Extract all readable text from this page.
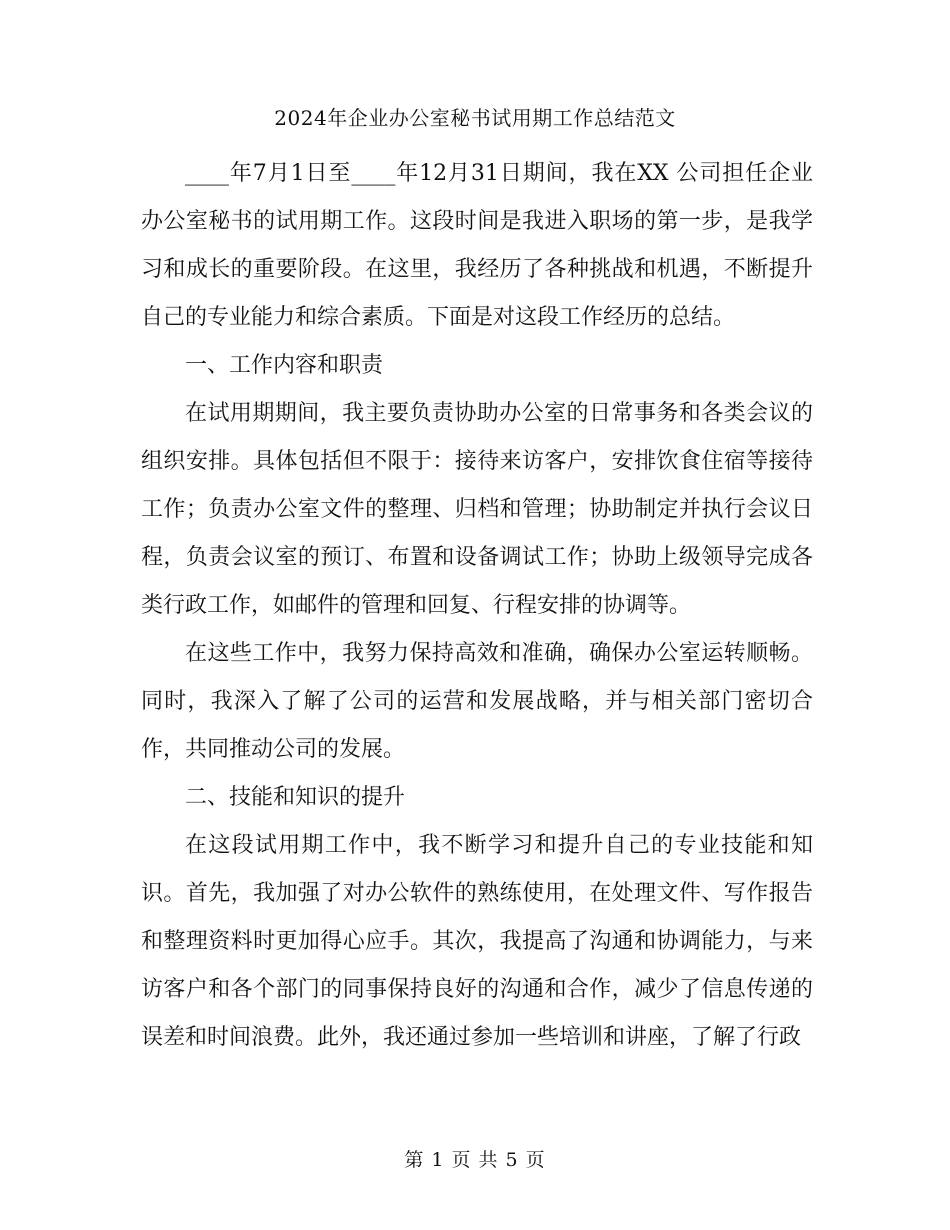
2024年企业办公室秘书试用期工作总结范文

____年7月1日至____年12月31日期间，我在XX 公司担任企业办公室秘书的试用期工作。这段时间是我进入职场的第一步，是我学习和成长的重要阶段。在这里，我经历了各种挑战和机遇，不断提升自己的专业能力和综合素质。下面是对这段工作经历的总结。

一、工作内容和职责

在试用期期间，我主要负责协助办公室的日常事务和各类会议的组织安排。具体包括但不限于：接待来访客户，安排饮食住宿等接待工作；负责办公室文件的整理、归档和管理；协助制定并执行会议日程，负责会议室的预订、布置和设备调试工作；协助上级领导完成各类行政工作，如邮件的管理和回复、行程安排的协调等。

在这些工作中，我努力保持高效和准确，确保办公室运转顺畅。同时，我深入了解了公司的运营和发展战略，并与相关部门密切合作，共同推动公司的发展。

二、技能和知识的提升

在这段试用期工作中，我不断学习和提升自己的专业技能和知识。首先，我加强了对办公软件的熟练使用，在处理文件、写作报告和整理资料时更加得心应手。其次，我提高了沟通和协调能力，与来访客户和各个部门的同事保持良好的沟通和合作，减少了信息传递的误差和时间浪费。此外，我还通过参加一些培训和讲座，了解了行政

第 1 页 共 5 页
